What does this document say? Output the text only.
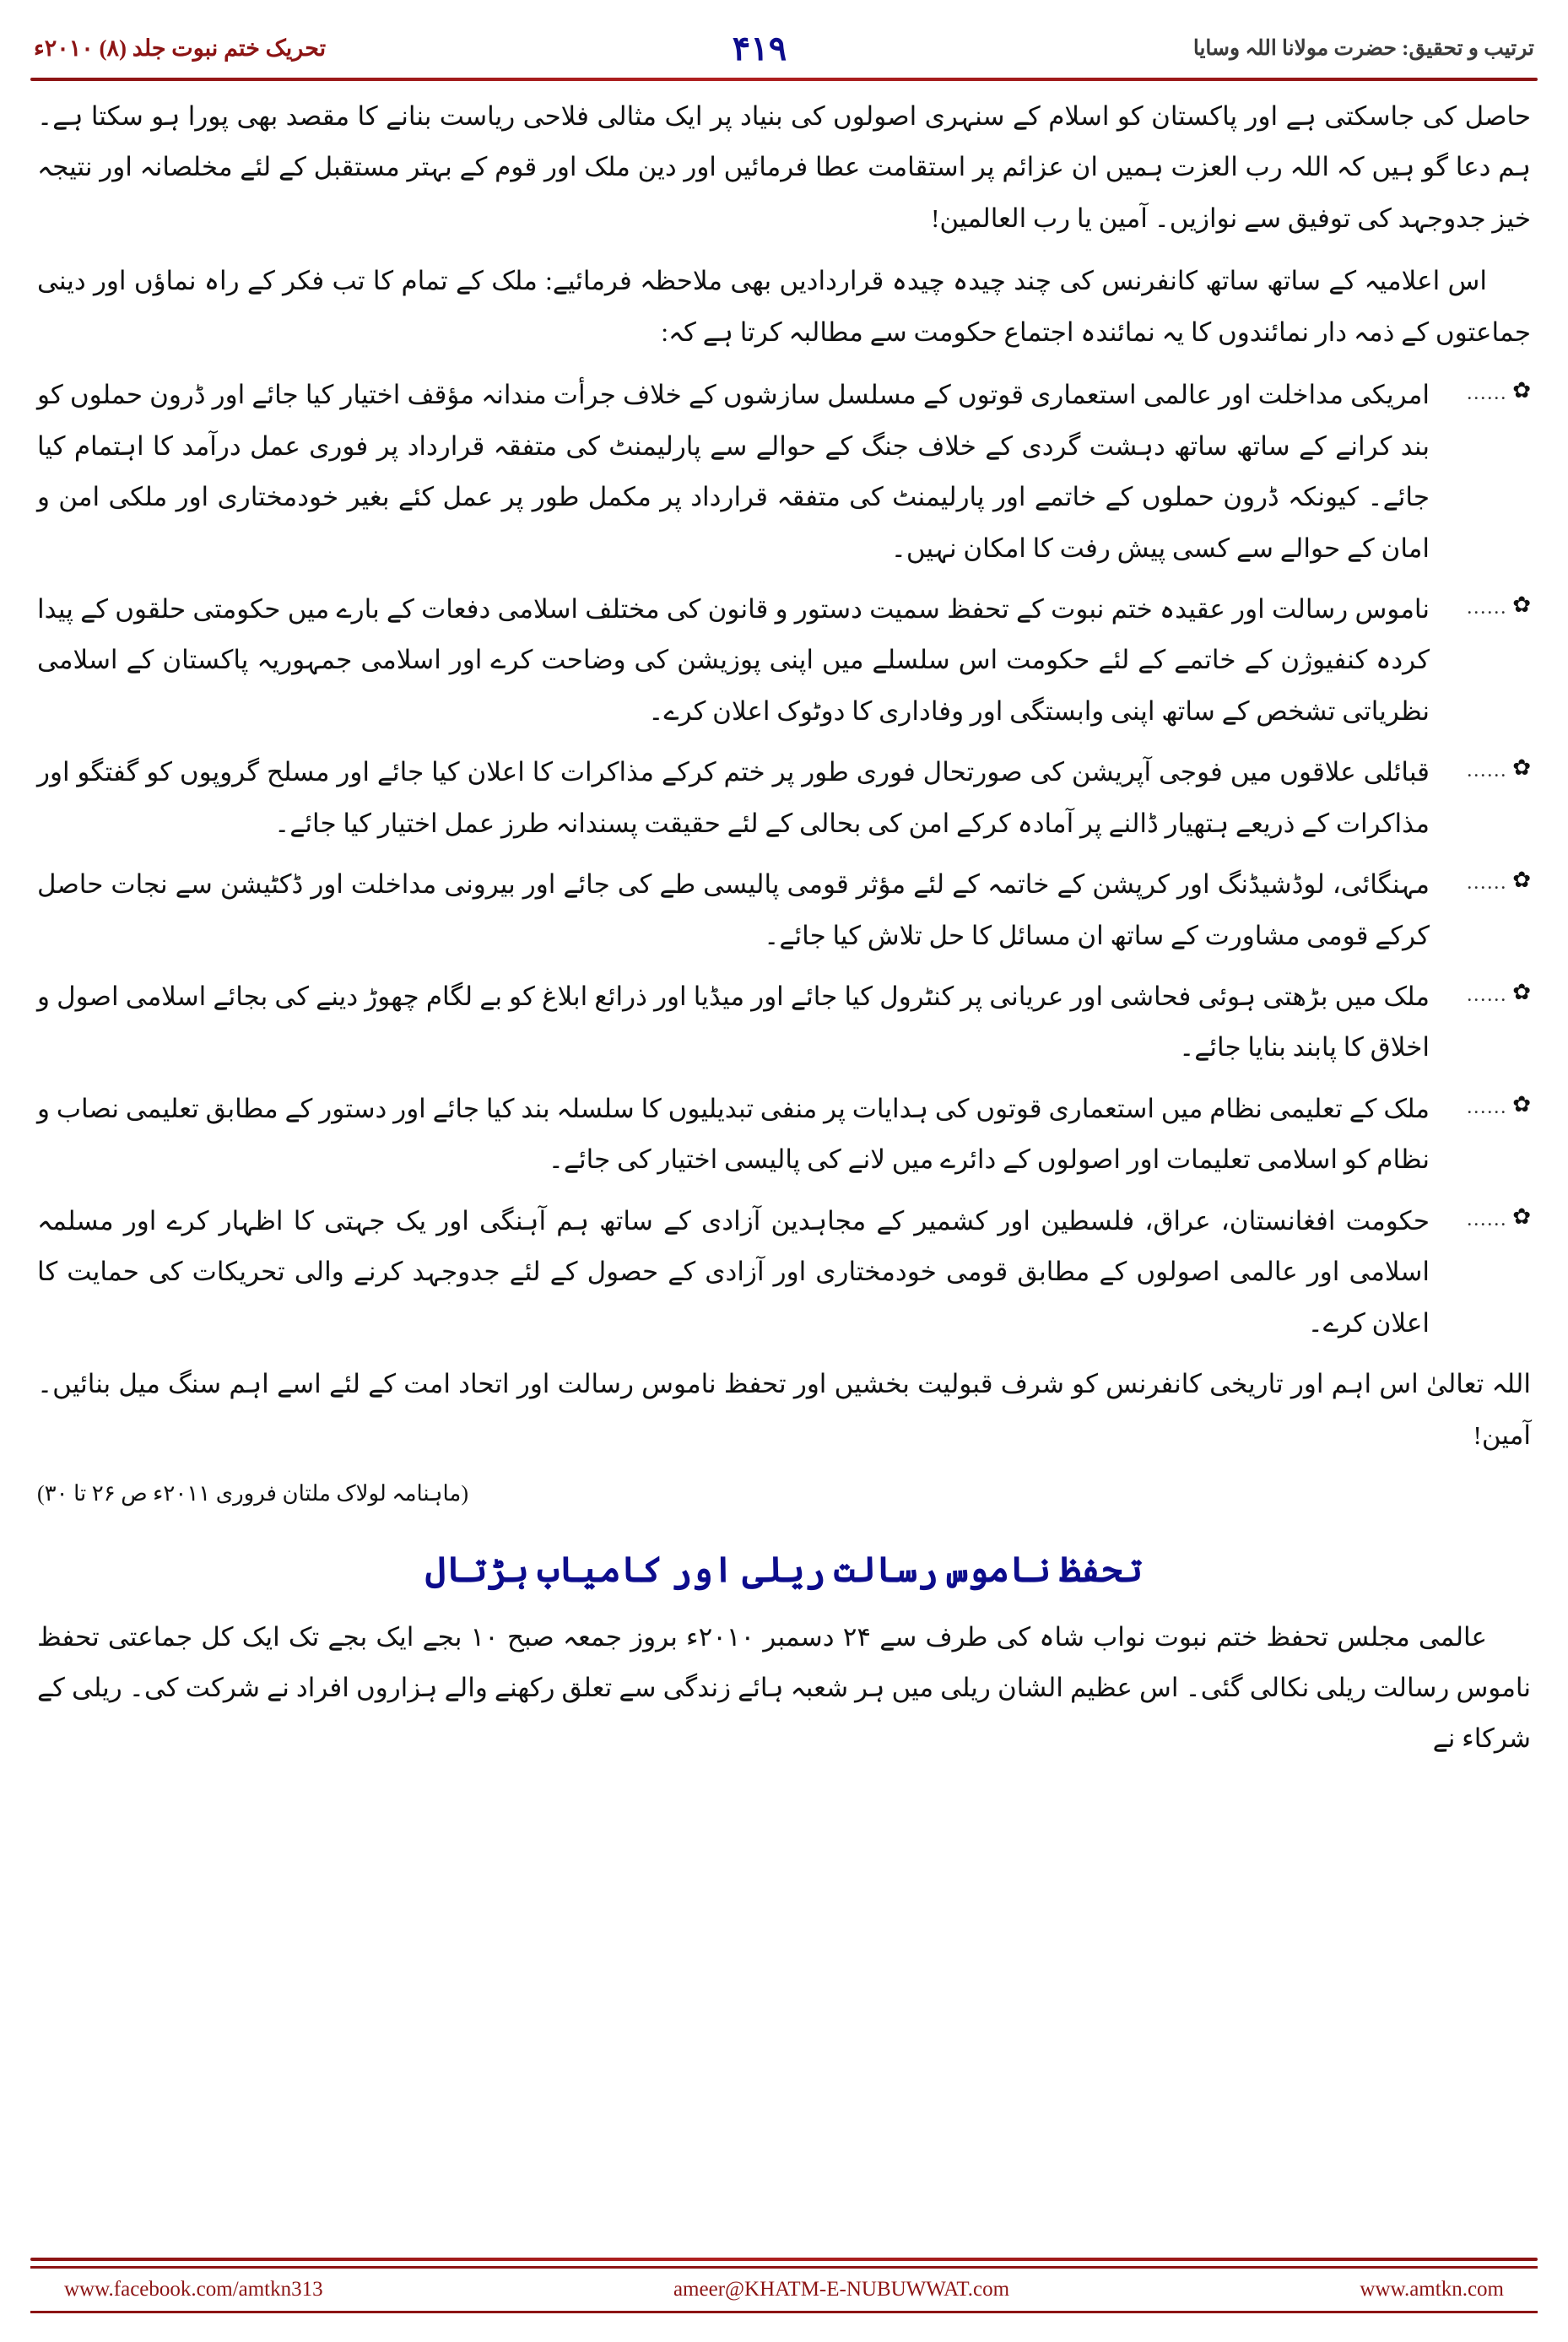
تحریک ختم نبوت جلد (۸) ۲۰۱۰ء	۴۱۹	ترتیب و تحقیق: حضرت مولانا اللہ وسایا

حاصل کی جاسکتی ہے اور پاکستان کو اسلام کے سنہری اصولوں کی بنیاد پر ایک مثالی فلاحی ریاست بنانے کا مقصد بھی پورا ہو سکتا ہے۔ ہم دعا گو ہیں کہ اللہ رب العزت ہمیں ان عزائم پر استقامت عطا فرمائیں اور دین ملک اور قوم کے بہتر مستقبل کے لئے مخلصانہ اور نتیجہ خیز جدوجہد کی توفیق سے نوازیں۔ آمین یا رب العالمین!

اس اعلامیہ کے ساتھ ساتھ کانفرنس کی چند چیدہ چیدہ قراردادیں بھی ملاحظہ فرمائیے: ملک کے تمام کا تب فکر کے راہ نماؤں اور دینی جماعتوں کے ذمہ دار نمائندوں کا یہ نمائندہ اجتماع حکومت سے مطالبہ کرتا ہے کہ:

✿
......
امریکی مداخلت اور عالمی استعماری قوتوں کے مسلسل سازشوں کے خلاف جرأت مندانہ مؤقف اختیار کیا جائے اور ڈرون حملوں کو بند کرانے کے ساتھ ساتھ دہشت گردی کے خلاف جنگ کے حوالے سے پارلیمنٹ کی متفقہ قرارداد پر فوری عمل درآمد کا اہتمام کیا جائے۔ کیونکہ ڈرون حملوں کے خاتمے اور پارلیمنٹ کی متفقہ قرارداد پر مکمل طور پر عمل کئے بغیر خودمختاری اور ملکی امن و امان کے حوالے سے کسی پیش رفت کا امکان نہیں۔
✿
......
ناموس رسالت اور عقیدہ ختم نبوت کے تحفظ سمیت دستور و قانون کی مختلف اسلامی دفعات کے بارے میں حکومتی حلقوں کے پیدا کردہ کنفیوژن کے خاتمے کے لئے حکومت اس سلسلے میں اپنی پوزیشن کی وضاحت کرے اور اسلامی جمہوریہ پاکستان کے اسلامی نظریاتی تشخص کے ساتھ اپنی وابستگی اور وفاداری کا دوٹوک اعلان کرے۔
✿
......
قبائلی علاقوں میں فوجی آپریشن کی صورتحال فوری طور پر ختم کرکے مذاکرات کا اعلان کیا جائے اور مسلح گروپوں کو گفتگو اور مذاکرات کے ذریعے ہتھیار ڈالنے پر آمادہ کرکے امن کی بحالی کے لئے حقیقت پسندانہ طرز عمل اختیار کیا جائے۔
✿
......
مہنگائی، لوڈشیڈنگ اور کرپشن کے خاتمہ کے لئے مؤثر قومی پالیسی طے کی جائے اور بیرونی مداخلت اور ڈکٹیشن سے نجات حاصل کرکے قومی مشاورت کے ساتھ ان مسائل کا حل تلاش کیا جائے۔
✿
......
ملک میں بڑھتی ہوئی فحاشی اور عریانی پر کنٹرول کیا جائے اور میڈیا اور ذرائع ابلاغ کو بے لگام چھوڑ دینے کی بجائے اسلامی اصول و اخلاق کا پابند بنایا جائے۔
✿
......
ملک کے تعلیمی نظام میں استعماری قوتوں کی ہدایات پر منفی تبدیلیوں کا سلسلہ بند کیا جائے اور دستور کے مطابق تعلیمی نصاب و نظام کو اسلامی تعلیمات اور اصولوں کے دائرے میں لانے کی پالیسی اختیار کی جائے۔
✿
......
حکومت افغانستان، عراق، فلسطین اور کشمیر کے مجاہدین آزادی کے ساتھ ہم آہنگی اور یک جہتی کا اظہار کرے اور مسلمہ اسلامی اور عالمی اصولوں کے مطابق قومی خودمختاری اور آزادی کے حصول کے لئے جدوجہد کرنے والی تحریکات کی حمایت کا اعلان کرے۔

اللہ تعالیٰ اس اہم اور تاریخی کانفرنس کو شرف قبولیت بخشیں اور تحفظ ناموس رسالت اور اتحاد امت کے لئے اسے اہم سنگ میل بنائیں۔ آمین!

(ماہنامہ لولاک ملتان فروری ۲۰۱۱ء ص ۲۶ تا ۳۰)
تحفظ ناموس رسالت ریلی اور کامیاب ہڑتال

عالمی مجلس تحفظ ختم نبوت نواب شاہ کی طرف سے ۲۴ دسمبر ۲۰۱۰ء بروز جمعہ صبح ۱۰ بجے ایک بجے تک ایک کل جماعتی تحفظ ناموس رسالت ریلی نکالی گئی۔ اس عظیم الشان ریلی میں ہر شعبہ ہائے زندگی سے تعلق رکھنے والے ہزاروں افراد نے شرکت کی۔ ریلی کے شرکاء نے

www.amtkn.com
ameer@KHATM-E-NUBUWWAT.com
www.facebook.com/amtkn313
